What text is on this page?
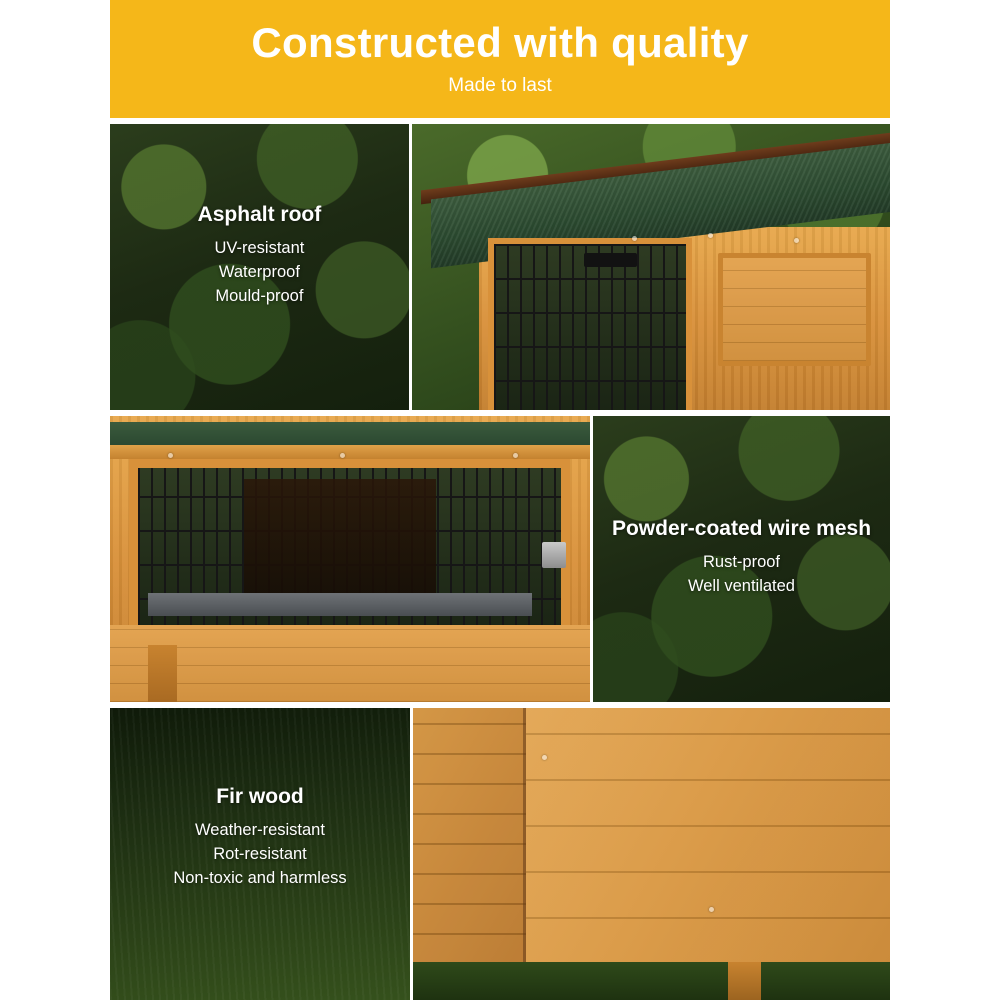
Constructed with quality
Made to last

Asphalt roof

UV-resistant

Waterproof

Mould-proof

Powder-coated wire mesh

Rust-proof

Well ventilated

Fir wood

Weather-resistant

Rot-resistant

Non-toxic and harmless
